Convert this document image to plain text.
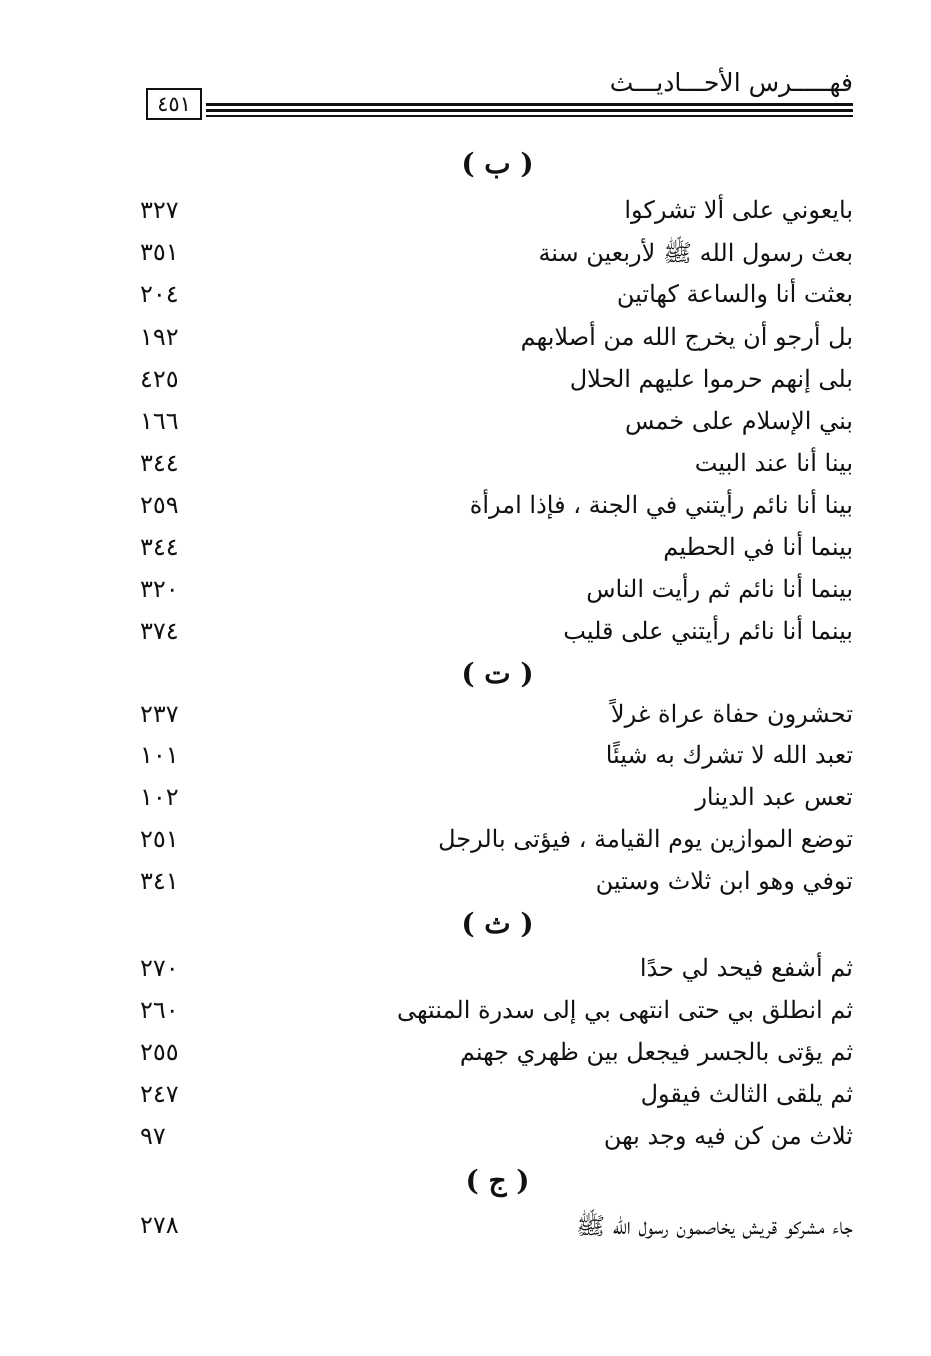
فهـــــرس الأحـــاديـــث
٤٥١
( ب )
بايعوني على ألا تشركوا
٣٢٧
بعث رسول الله ﷺ لأربعين سنة
٣٥١
بعثت أنا والساعة كهاتين
٢٠٤
بل أرجو أن يخرج الله من أصلابهم
١٩٢
بلى إنهم حرموا عليهم الحلال
٤٢٥
بني الإسلام على خمس
١٦٦
بينا أنا عند البيت
٣٤٤
بينا أنا نائم رأيتني في الجنة ، فإذا امرأة
٢٥٩
بينما أنا في الحطيم
٣٤٤
بينما أنا نائم ثم رأيت الناس
٣٢٠
بينما أنا نائم رأيتني على قليب
٣٧٤
( ت )
تحشرون حفاة عراة غرلاً
٢٣٧
تعبد الله لا تشرك به شيئًا
١٠١
تعس عبد الدينار
١٠٢
توضع الموازين يوم القيامة ، فيؤتى بالرجل
٢٥١
توفي وهو ابن ثلاث وستين
٣٤١
( ث )
ثم أشفع فيحد لي حدًا
٢٧٠
ثم انطلق بي حتى انتهى بي إلى سدرة المنتهى
٢٦٠
ثم يؤتى بالجسر فيجعل بين ظهري جهنم
٢٥٥
ثم يلقى الثالث فيقول
٢٤٧
ثلاث من كن فيه وجد بهن
٩٧
( ج )
جاء مشركو قريش يخاصمون رسول الله ﷺ
٢٧٨
